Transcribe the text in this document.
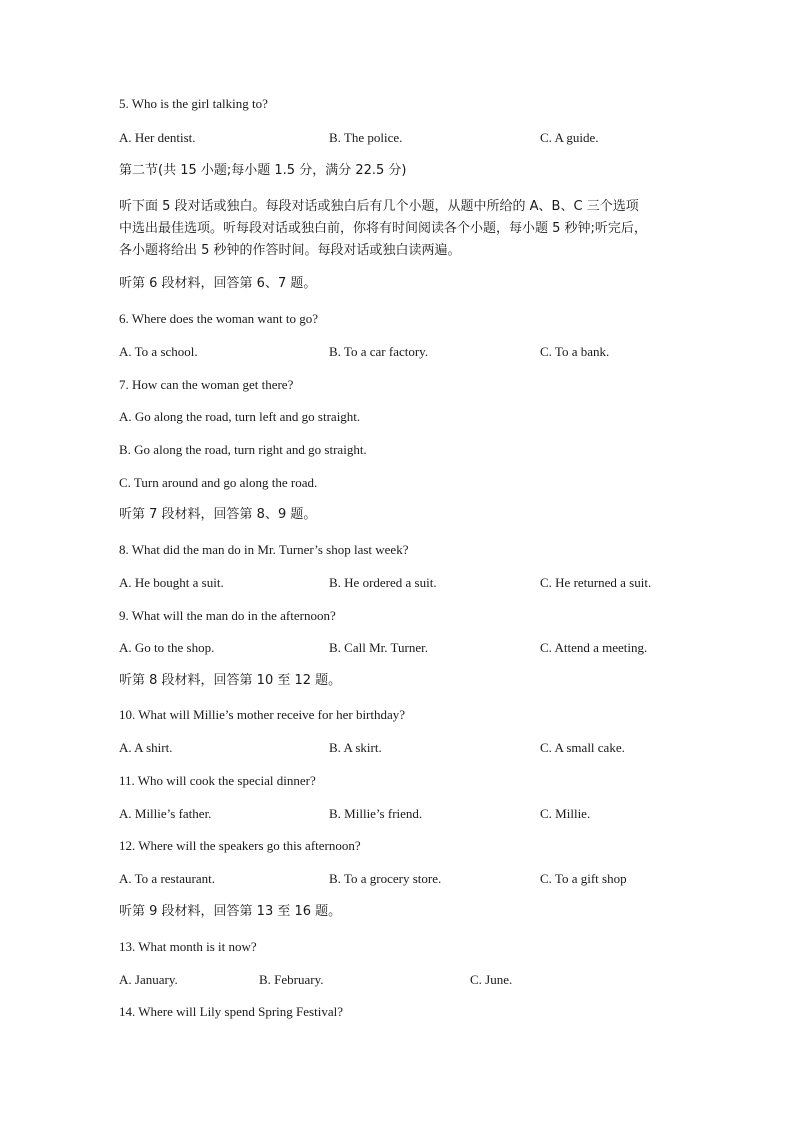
5. Who is the girl talking to?
A. Her dentist.	B. The police.	C. A guide.
第二节(共 15 小题;每小题 1.5 分，满分 22.5 分)
听下面 5 段对话或独白。每段对话或独白后有几个小题，从题中所给的 A、B、C 三个选项
中选出最佳选项。听每段对话或独白前，你将有时间阅读各个小题，每小题 5 秒钟;听完后，
各小题将给出 5 秒钟的作答时间。每段对话或独白读两遍。
听第 6 段材料，回答第 6、7 题。
6. Where does the woman want to go?
A. To a school.	B. To a car factory.	C. To a bank.
7. How can the woman get there?
A. Go along the road, turn left and go straight.
B. Go along the road, turn right and go straight.
C. Turn around and go along the road.
听第 7 段材料，回答第 8、9 题。
8. What did the man do in Mr. Turner’s shop last week?
A. He bought a suit.	B. He ordered a suit.	C. He returned a suit.
9. What will the man do in the afternoon?
A. Go to the shop.	B. Call Mr. Turner.	C. Attend a meeting.
听第 8 段材料，回答第 10 至 12 题。
10. What will Millie’s mother receive for her birthday?
A. A shirt.	B. A skirt.	C. A small cake.
11. Who will cook the special dinner?
A. Millie’s father.	B. Millie’s friend.	C. Millie.
12. Where will the speakers go this afternoon?
A. To a restaurant.	B. To a grocery store.	C. To a gift shop
听第 9 段材料，回答第 13 至 16 题。
13. What month is it now?
A. January.	B. February.	C. June.
14. Where will Lily spend Spring Festival?
